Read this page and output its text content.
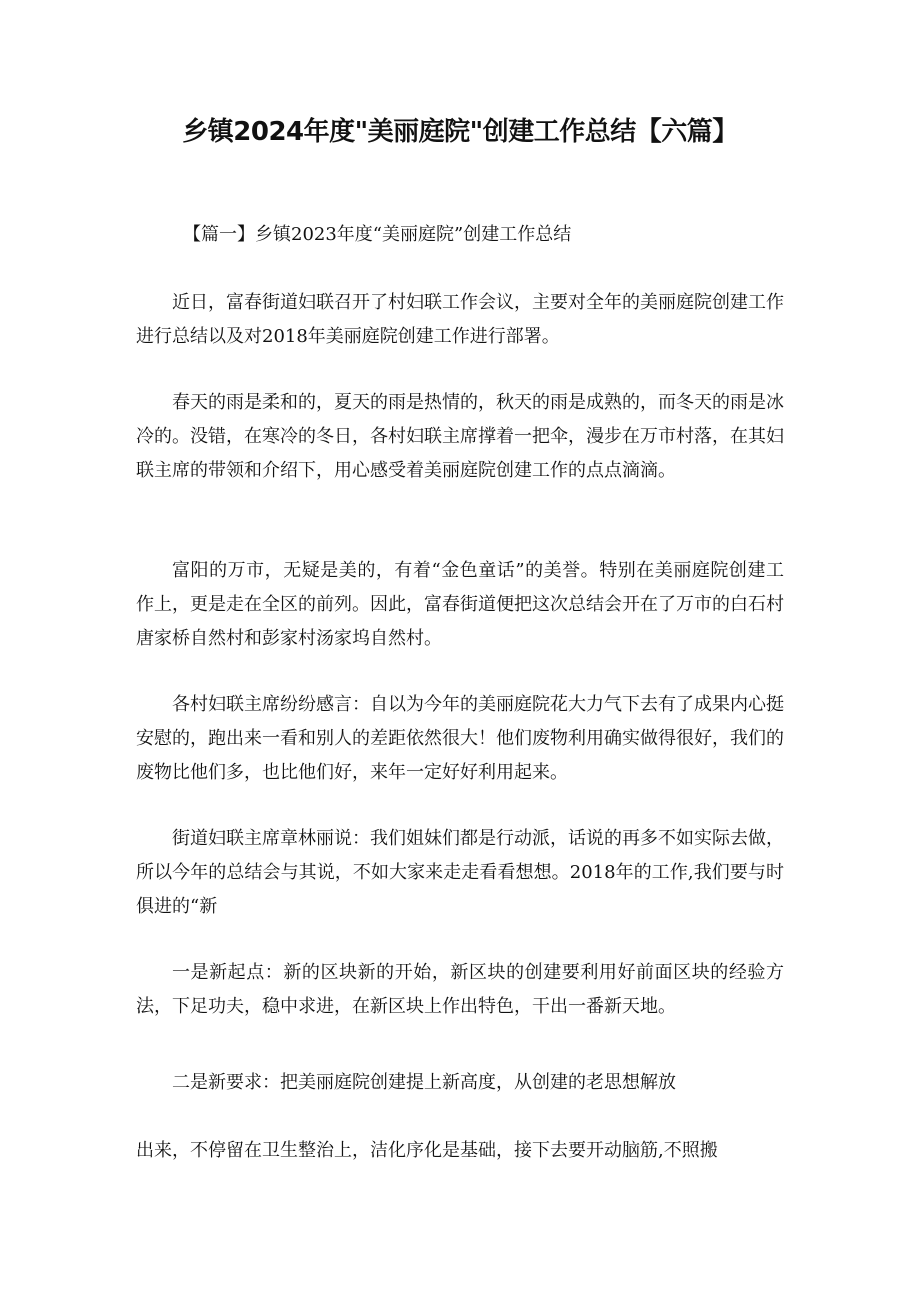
乡镇2024年度"美丽庭院"创建工作总结【六篇】

【篇一】乡镇2023年度“美丽庭院”创建工作总结

近日，富春街道妇联召开了村妇联工作会议，主要对全年的美丽庭院创建工作进行总结以及对2018年美丽庭院创建工作进行部署。

春天的雨是柔和的，夏天的雨是热情的，秋天的雨是成熟的，而冬天的雨是冰冷的。没错，在寒冷的冬日，各村妇联主席撑着一把伞，漫步在万市村落，在其妇联主席的带领和介绍下，用心感受着美丽庭院创建工作的点点滴滴。

富阳的万市，无疑是美的，有着“金色童话”的美誉。特别在美丽庭院创建工作上，更是走在全区的前列。因此，富春街道便把这次总结会开在了万市的白石村唐家桥自然村和彭家村汤家坞自然村。

各村妇联主席纷纷感言：自以为今年的美丽庭院花大力气下去有了成果内心挺安慰的，跑出来一看和别人的差距依然很大！他们废物利用确实做得很好，我们的废物比他们多，也比他们好，来年一定好好利用起来。

街道妇联主席章林丽说：我们姐妹们都是行动派，话说的再多不如实际去做，所以今年的总结会与其说，不如大家来走走看看想想。2018年的工作,我们要与时俱进的“新

一是新起点：新的区块新的开始，新区块的创建要利用好前面区块的经验方法，下足功夫，稳中求进，在新区块上作出特色，干出一番新天地。

二是新要求：把美丽庭院创建提上新高度，从创建的老思想解放

出来，不停留在卫生整治上，洁化序化是基础，接下去要开动脑筋,不照搬
